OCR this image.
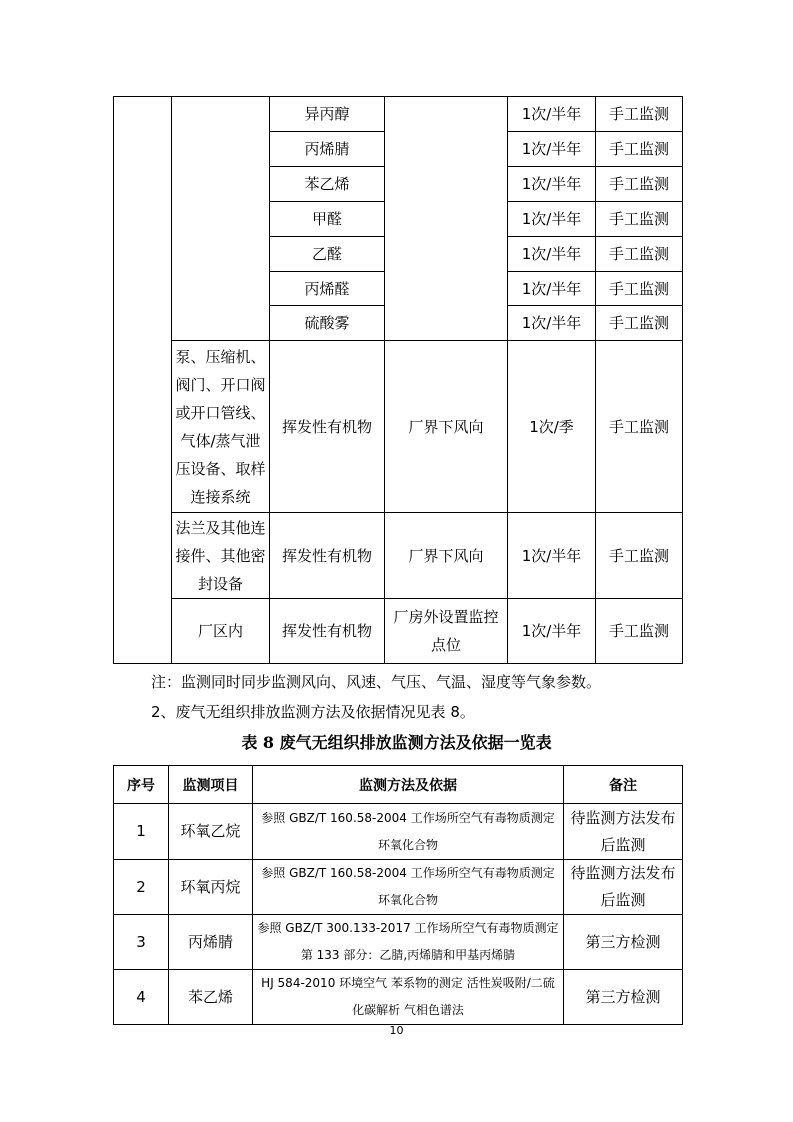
		异丙醇		1次/半年	手工监测
		丙烯腈		1次/半年	手工监测
		苯乙烯		1次/半年	手工监测
		甲醛		1次/半年	手工监测
		乙醛		1次/半年	手工监测
		丙烯醛		1次/半年	手工监测
		硫酸雾		1次/半年	手工监测
	泵、压缩机、阀门、开口阀或开口管线、气体/蒸气泄压设备、取样连接系统	挥发性有机物	厂界下风向	1次/季	手工监测
	法兰及其他连接件、其他密封设备	挥发性有机物	厂界下风向	1次/半年	手工监测
	厂区内	挥发性有机物	厂房外设置监控点位	1次/半年	手工监测
注：监测同时同步监测风向、风速、气压、气温、湿度等气象参数。
2、废气无组织排放监测方法及依据情况见表 8。
表 8 废气无组织排放监测方法及依据一览表
序号	监测项目	监测方法及依据	备注
1	环氧乙烷	参照 GBZ/T 160.58-2004 工作场所空气有毒物质测定 环氧化合物	待监测方法发布后监测
2	环氧丙烷	参照 GBZ/T 160.58-2004 工作场所空气有毒物质测定 环氧化合物	待监测方法发布后监测
3	丙烯腈	参照 GBZ/T 300.133-2017 工作场所空气有毒物质测定 第 133 部分：乙腈,丙烯腈和甲基丙烯腈	第三方检测
4	苯乙烯	HJ 584-2010 环境空气 苯系物的测定 活性炭吸附/二硫化碳解析 气相色谱法	第三方检测
10
